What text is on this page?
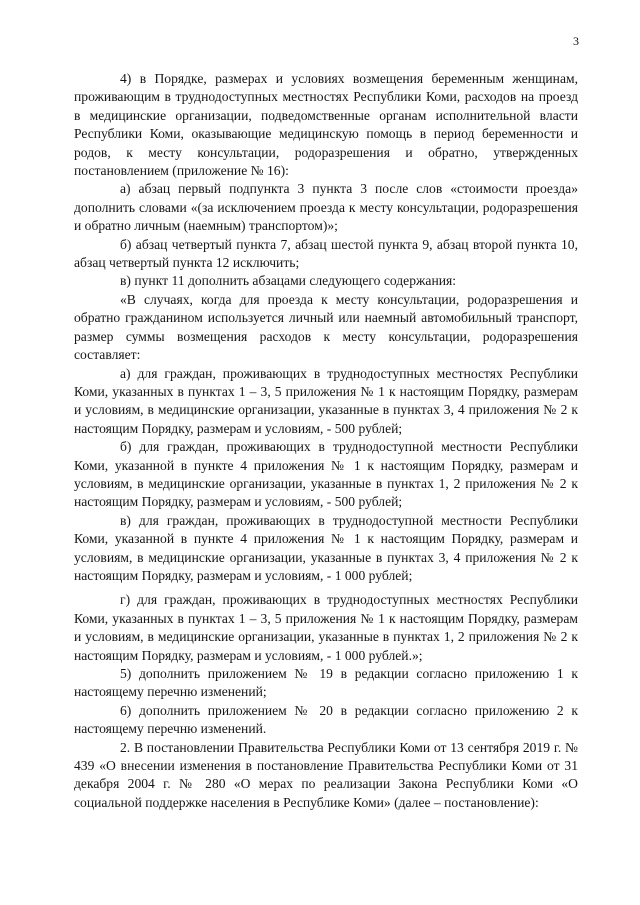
3

4) в Порядке, размерах и условиях возмещения беременным женщинам, проживающим в труднодоступных местностях Республики Коми, расходов на проезд в медицинские организации, подведомственные органам исполнительной власти Республики Коми, оказывающие медицинскую помощь в период беременности и родов, к месту консультации, родоразрешения и обратно, утвержденных постановлением (приложение № 16):

а) абзац первый подпункта 3 пункта 3 после слов «стоимости проезда» дополнить словами «(за исключением проезда к месту консультации, родоразрешения и обратно личным (наемным) транспортом)»;

б) абзац четвертый пункта 7, абзац шестой пункта 9, абзац второй пункта 10, абзац четвертый пункта 12 исключить;

в) пункт 11 дополнить абзацами следующего содержания:

«В случаях, когда для проезда к месту консультации, родоразрешения и обратно гражданином используется личный или наемный автомобильный транспорт, размер суммы возмещения расходов к месту консультации, родоразрешения составляет:

а) для граждан, проживающих в труднодоступных местностях Республики Коми, указанных в пунктах 1 – 3, 5 приложения № 1 к настоящим Порядку, размерам и условиям, в медицинские организации, указанные в пунктах 3, 4 приложения № 2 к настоящим Порядку, размерам и условиям, - 500 рублей;

б) для граждан, проживающих в труднодоступной местности Республики Коми, указанной в пункте 4 приложения № 1 к настоящим Порядку, размерам и условиям, в медицинские организации, указанные в пунктах 1, 2 приложения № 2 к настоящим Порядку, размерам и условиям, - 500 рублей;

в) для граждан, проживающих в труднодоступной местности Республики Коми, указанной в пункте 4 приложения № 1 к настоящим Порядку, размерам и условиям, в медицинские организации, указанные в пунктах 3, 4 приложения № 2 к настоящим Порядку, размерам и условиям, - 1 000 рублей;

г) для граждан, проживающих в труднодоступных местностях Республики Коми, указанных в пунктах 1 – 3, 5 приложения № 1 к настоящим Порядку, размерам и условиям, в медицинские организации, указанные в пунктах 1, 2 приложения № 2 к настоящим Порядку, размерам и условиям, - 1 000 рублей.»;

5) дополнить приложением № 19 в редакции согласно приложению 1 к настоящему перечню изменений;

6) дополнить приложением № 20 в редакции согласно приложению 2 к настоящему перечню изменений.

2. В постановлении Правительства Республики Коми от 13 сентября 2019 г. № 439 «О внесении изменения в постановление Правительства Республики Коми от 31 декабря 2004 г. № 280 «О мерах по реализации Закона Республики Коми «О социальной поддержке населения в Республике Коми» (далее – постановление):
